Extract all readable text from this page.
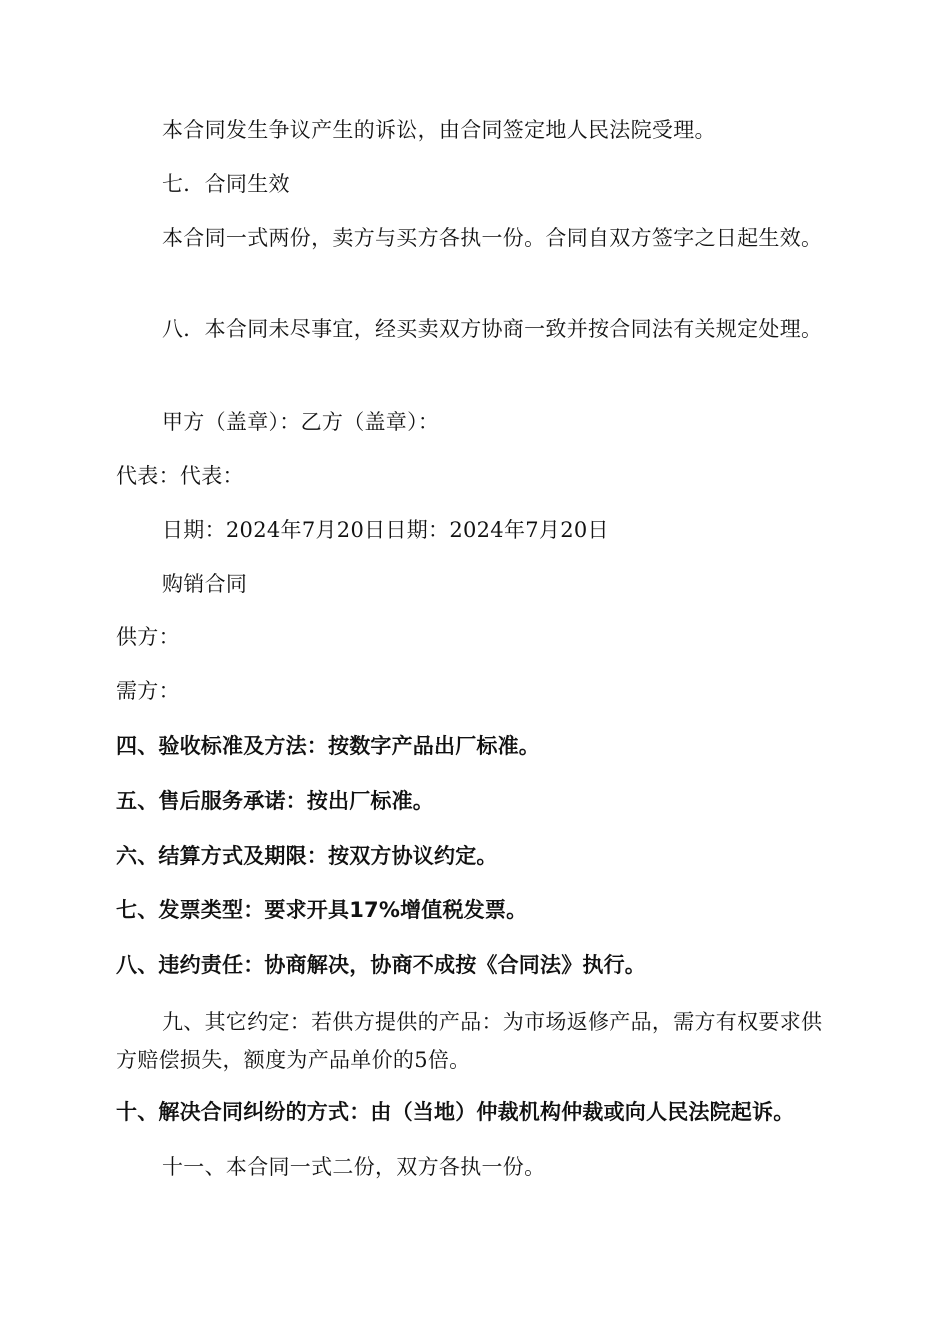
本合同发生争议产生的诉讼，由合同签定地人民法院受理。

七．合同生效

本合同一式两份，卖方与买方各执一份。合同自双方签字之日起生效。

八．本合同未尽事宜，经买卖双方协商一致并按合同法有关规定处理。

甲方（盖章）：乙方（盖章）：

代表：代表：

日期：2024年7月20日日期：2024年7月20日

购销合同

供方：

需方：

四、验收标准及方法：按数字产品出厂标准。

五、售后服务承诺：按出厂标准。

六、结算方式及期限：按双方协议约定。

七、发票类型：要求开具17%增值税发票。

八、违约责任：协商解决，协商不成按《合同法》执行。

九、其它约定：若供方提供的产品：为市场返修产品，需方有权要求供方赔偿损失，额度为产品单价的5倍。

十、解决合同纠纷的方式：由（当地）仲裁机构仲裁或向人民法院起诉。

十一、本合同一式二份，双方各执一份。
